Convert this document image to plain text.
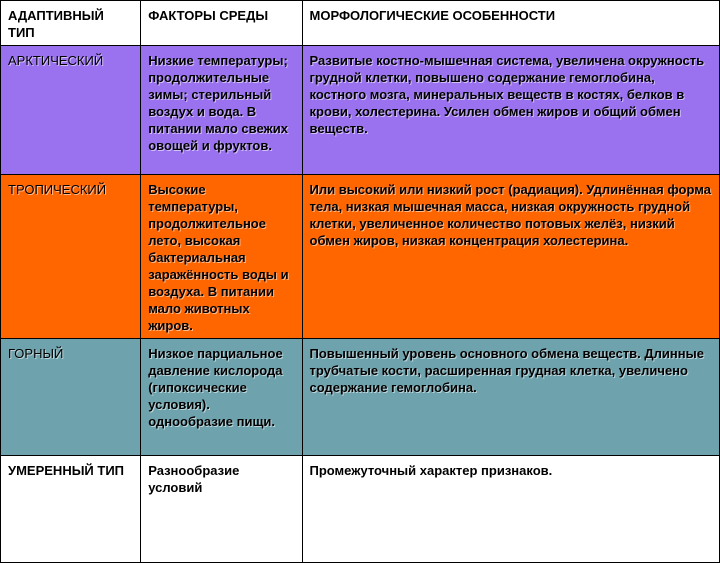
АДАПТИВНЫЙ ТИП	ФАКТОРЫ СРЕДЫ	МОРФОЛОГИЧЕСКИЕ ОСОБЕННОСТИ
АРКТИЧЕСКИЙ	Низкие температуры; продолжительные зимы; стерильный воздух и вода. В питании мало свежих овощей и фруктов.	Развитые костно-мышечная система, увеличена окружность грудной клетки, повышено содержание гемоглобина, костного мозга, минеральных веществ в костях, белков в крови, холестерина. Усилен обмен жиров и общий обмен веществ.
ТРОПИЧЕСКИЙ	Высокие температуры, продолжительное лето, высокая бактериальная заражённость воды и воздуха. В питании мало животных жиров.	Или высокий или низкий рост (радиация). Удлинённая форма тела, низкая мышечная масса, низкая окружность грудной клетки, увеличенное количество потовых желёз, низкий обмен жиров, низкая концентрация холестерина.
ГОРНЫЙ	Низкое парциальное давление кислорода (гипоксические условия). однообразие пищи.	Повышенный уровень основного обмена веществ. Длинные трубчатые кости, расширенная грудная клетка, увеличено содержание гемоглобина.
УМЕРЕННЫЙ ТИП	Разнообразие условий	Промежуточный характер признаков.
